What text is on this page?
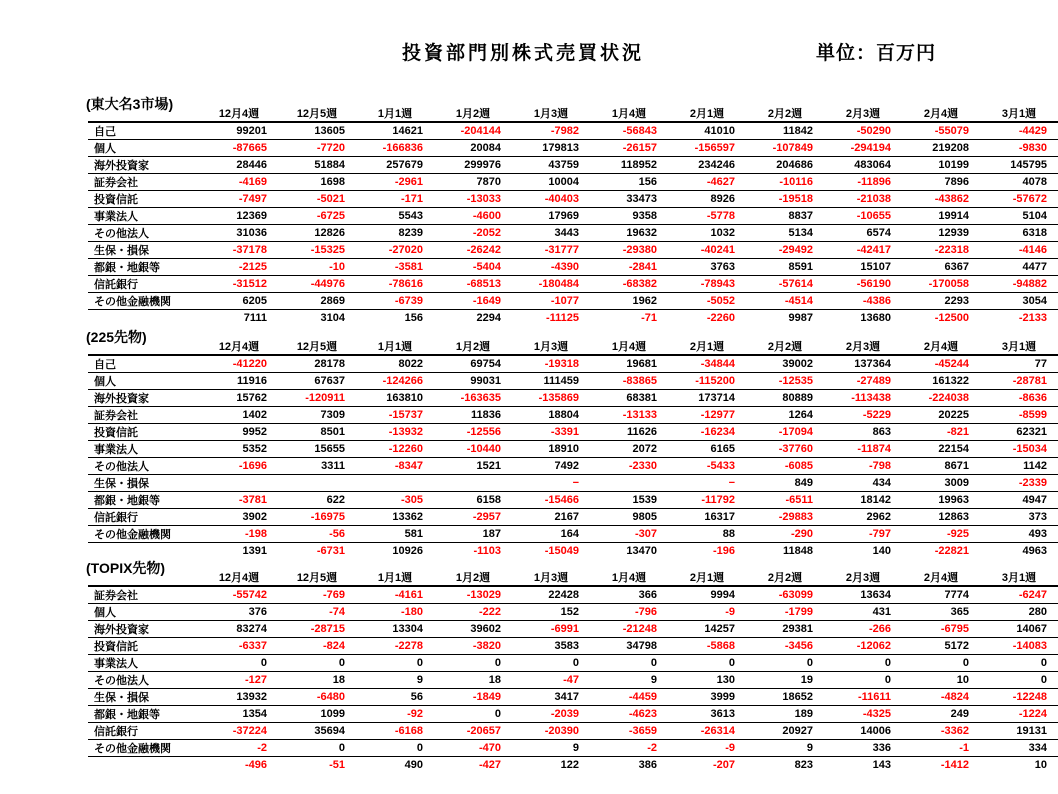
投資部門別株式売買状況	単位：百万円
(東大名3市場)
	12月4週	12月5週	1月1週	1月2週	1月3週	1月4週	2月1週	2月2週	2月3週	2月4週	3月1週
自己	99201	13605	14621	-204144	-7982	-56843	41010	11842	-50290	-55079	-4429
個人	-87665	-7720	-166836	20084	179813	-26157	-156597	-107849	-294194	219208	-9830
海外投資家	28446	51884	257679	299976	43759	118952	234246	204686	483064	10199	145795
証券会社	-4169	1698	-2961	7870	10004	156	-4627	-10116	-11896	7896	4078
投資信託	-7497	-5021	-171	-13033	-40403	33473	8926	-19518	-21038	-43862	-57672
事業法人	12369	-6725	5543	-4600	17969	9358	-5778	8837	-10655	19914	5104
その他法人	31036	12826	8239	-2052	3443	19632	1032	5134	6574	12939	6318
生保・損保	-37178	-15325	-27020	-26242	-31777	-29380	-40241	-29492	-42417	-22318	-4146
都銀・地銀等	-2125	-10	-3581	-5404	-4390	-2841	3763	8591	15107	6367	4477
信託銀行	-31512	-44976	-78616	-68513	-180484	-68382	-78943	-57614	-56190	-170058	-94882
その他金融機関	6205	2869	-6739	-1649	-1077	1962	-5052	-4514	-4386	2293	3054
	7111	3104	156	2294	-11125	-71	-2260	9987	13680	-12500	-2133
(225先物)
	12月4週	12月5週	1月1週	1月2週	1月3週	1月4週	2月1週	2月2週	2月3週	2月4週	3月1週
自己	-41220	28178	8022	69754	-19318	19681	-34844	39002	137364	-45244	77
個人	11916	67637	-124266	99031	111459	-83865	-115200	-12535	-27489	161322	-28781
海外投資家	15762	-120911	163810	-163635	-135869	68381	173714	80889	-113438	-224038	-8636
証券会社	1402	7309	-15737	11836	18804	-13133	-12977	1264	-5229	20225	-8599
投資信託	9952	8501	-13932	-12556	-3391	11626	-16234	-17094	863	-821	62321
事業法人	5352	15655	-12260	-10440	18910	2072	6165	-37760	-11874	22154	-15034
その他法人	-1696	3311	-8347	1521	7492	-2330	-5433	-6085	-798	8671	1142
生保・損保					−		−	849	434	3009	-2339
都銀・地銀等	-3781	622	-305	6158	-15466	1539	-11792	-6511	18142	19963	4947
信託銀行	3902	-16975	13362	-2957	2167	9805	16317	-29883	2962	12863	373
その他金融機関	-198	-56	581	187	164	-307	88	-290	-797	-925	493
	1391	-6731	10926	-1103	-15049	13470	-196	11848	140	-22821	4963
(TOPIX先物)
	12月4週	12月5週	1月1週	1月2週	1月3週	1月4週	2月1週	2月2週	2月3週	2月4週	3月1週
証券会社	-55742	-769	-4161	-13029	22428	366	9994	-63099	13634	7774	-6247
個人	376	-74	-180	-222	152	-796	-9	-1799	431	365	280
海外投資家	83274	-28715	13304	39602	-6991	-21248	14257	29381	-266	-6795	14067
投資信託	-6337	-824	-2278	-3820	3583	34798	-5868	-3456	-12062	5172	-14083
事業法人	0	0	0	0	0	0	0	0	0	0	0
その他法人	-127	18	9	18	-47	9	130	19	0	10	0
生保・損保	13932	-6480	56	-1849	3417	-4459	3999	18652	-11611	-4824	-12248
都銀・地銀等	1354	1099	-92	0	-2039	-4623	3613	189	-4325	249	-1224
信託銀行	-37224	35694	-6168	-20657	-20390	-3659	-26314	20927	14006	-3362	19131
その他金融機関	-2	0	0	-470	9	-2	-9	9	336	-1	334
	-496	-51	490	-427	122	386	-207	823	143	-1412	10
